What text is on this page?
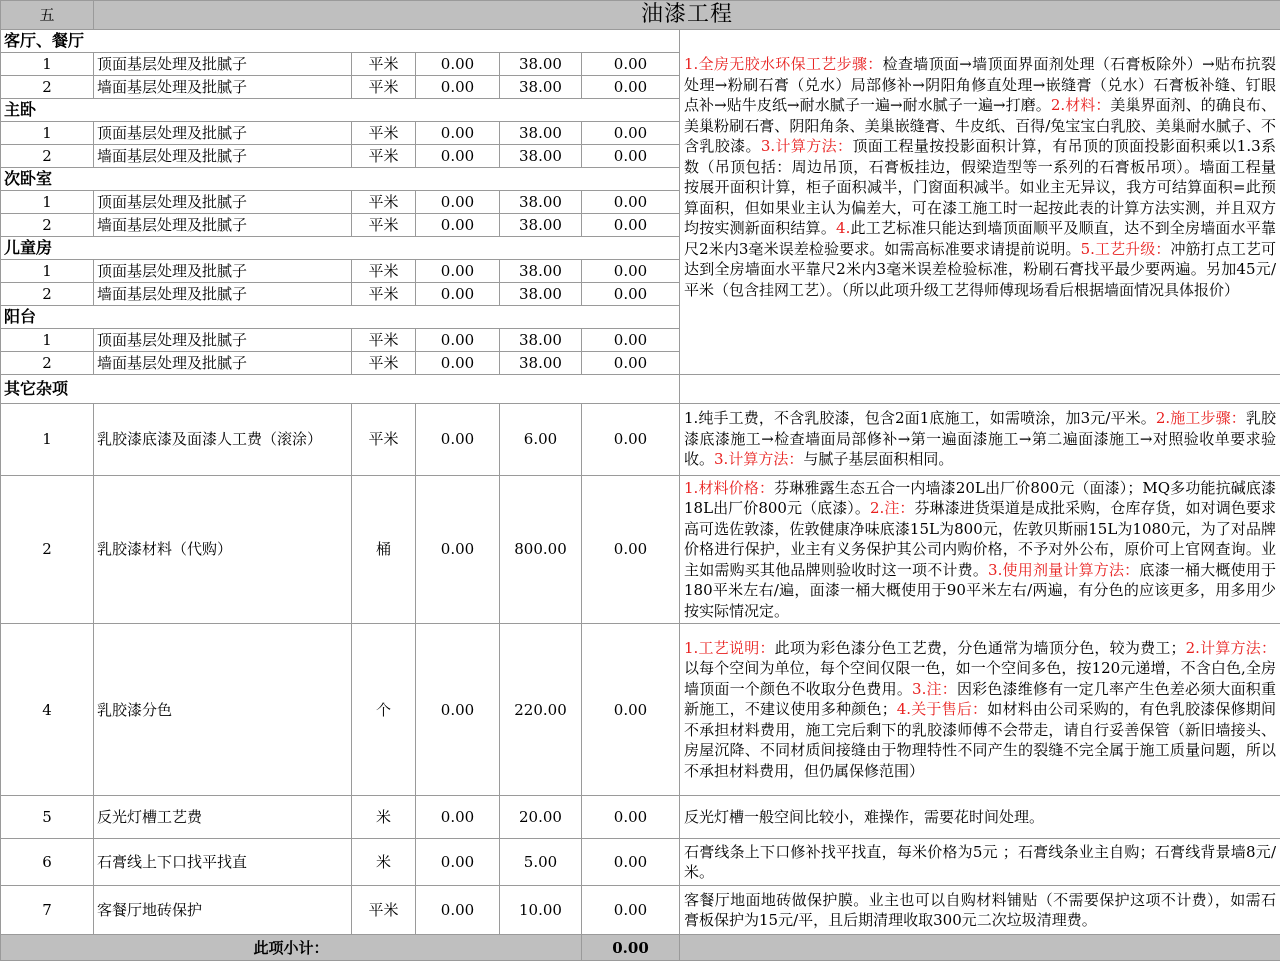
五	油漆工程					
客厅、餐厅						1.全房无胶水环保工艺步骤：检查墙顶面→墙顶面界面剂处理（石膏板除外）→贴布抗裂处理→粉刷石膏（兑水）局部修补→阴阳角修直处理→嵌缝膏（兑水）石膏板补缝、钉眼点补→贴牛皮纸→耐水腻子一遍→耐水腻子一遍→打磨。2.材料：美巢界面剂、的确良布、美巢粉刷石膏、阴阳角条、美巢嵌缝膏、牛皮纸、百得/兔宝宝白乳胶、美巢耐水腻子、不含乳胶漆。3.计算方法：顶面工程量按投影面积计算，有吊顶的顶面投影面积乘以1.3系数（吊顶包括：周边吊顶，石膏板挂边，假梁造型等一系列的石膏板吊项）。墙面工程量按展开面积计算，柜子面积减半，门窗面积减半。如业主无异议，我方可结算面积=此预算面积，但如果业主认为偏差大，可在漆工施工时一起按此表的计算方法实测，并且双方均按实测新面积结算。4.此工艺标准只能达到墙顶面顺平及顺直，达不到全房墙面水平靠尺2米内3毫米误差检验要求。如需高标准要求请提前说明。5.工艺升级：冲筋打点工艺可达到全房墙面水平靠尺2米内3毫米误差检验标准，粉刷石膏找平最少要两遍。另加45元/平米（包含挂网工艺）。（所以此项升级工艺得师傅现场看后根据墙面情况具体报价）
1	顶面基层处理及批腻子	平米	0.00	38.00	0.00	
2	墙面基层处理及批腻子	平米	0.00	38.00	0.00	
主卧						
1	顶面基层处理及批腻子	平米	0.00	38.00	0.00	
2	墙面基层处理及批腻子	平米	0.00	38.00	0.00	
次卧室						
1	顶面基层处理及批腻子	平米	0.00	38.00	0.00	
2	墙面基层处理及批腻子	平米	0.00	38.00	0.00	
儿童房						
1	顶面基层处理及批腻子	平米	0.00	38.00	0.00	
2	墙面基层处理及批腻子	平米	0.00	38.00	0.00	
阳台						
1	顶面基层处理及批腻子	平米	0.00	38.00	0.00	
2	墙面基层处理及批腻子	平米	0.00	38.00	0.00	
其它杂项						
1	乳胶漆底漆及面漆人工费（滚涂）	平米	0.00	6.00	0.00	1.纯手工费，不含乳胶漆，包含2面1底施工，如需喷涂，加3元/平米。2.施工步骤：乳胶漆底漆施工→检查墙面局部修补→第一遍面漆施工→第二遍面漆施工→对照验收单要求验收。3.计算方法：与腻子基层面积相同。
2	乳胶漆材料（代购）	桶	0.00	800.00	0.00	1.材料价格：芬琳雅露生态五合一内墙漆20L出厂价800元（面漆）；MQ多功能抗碱底漆18L出厂价800元（底漆）。2.注：芬琳漆进货渠道是成批采购，仓库存货，如对调色要求高可选佐敦漆，佐敦健康净味底漆15L为800元，佐敦贝斯丽15L为1080元，为了对品牌价格进行保护，业主有义务保护其公司内购价格，不予对外公布，原价可上官网查询。业主如需购买其他品牌则验收时这一项不计费。3.使用剂量计算方法：底漆一桶大概使用于180平米左右/遍，面漆一桶大概使用于90平米左右/两遍，有分色的应该更多，用多用少按实际情况定。
4	乳胶漆分色	个	0.00	220.00	0.00	1.工艺说明：此项为彩色漆分色工艺费，分色通常为墙顶分色，较为费工；2.计算方法：以每个空间为单位，每个空间仅限一色，如一个空间多色，按120元递增，不含白色,全房墙顶面一个颜色不收取分色费用。3.注：因彩色漆维修有一定几率产生色差必须大面积重新施工，不建议使用多种颜色；4.关于售后：如材料由公司采购的，有色乳胶漆保修期间不承担材料费用，施工完后剩下的乳胶漆师傅不会带走，请自行妥善保管（新旧墙接头、房屋沉降、不同材质间接缝由于物理特性不同产生的裂缝不完全属于施工质量问题，所以不承担材料费用，但仍属保修范围）
5	反光灯槽工艺费	米	0.00	20.00	0.00	反光灯槽一般空间比较小，难操作，需要花时间处理。
6	石膏线上下口找平找直	米	0.00	5.00	0.00	石膏线条上下口修补找平找直，每米价格为5元 ；石膏线条业主自购；石膏线背景墙8元/米。
7	客餐厅地砖保护	平米	0.00	10.00	0.00	客餐厅地面地砖做保护膜。业主也可以自购材料铺贴（不需要保护这项不计费），如需石膏板保护为15元/平，且后期清理收取300元二次垃圾清理费。
此项小计：					0.00	
